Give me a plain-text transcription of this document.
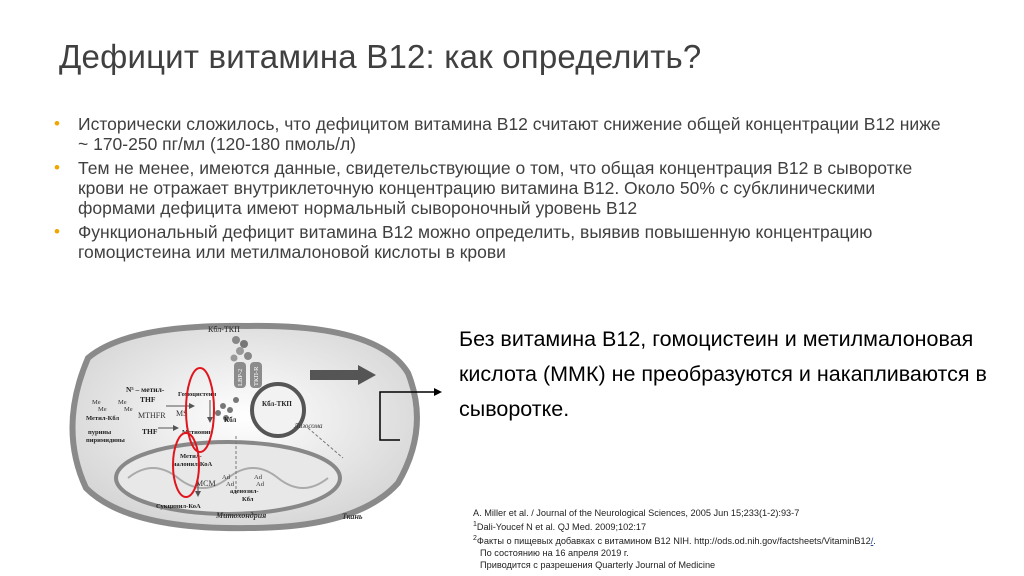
Дефицит витамина В12: как определить?
• Исторически сложилось, что дефицитом витамина В12 считают снижение общей концентрации В12 ниже ~ 170-250 пг/мл (120-180 пмоль/л)
• Тем не менее, имеются данные, свидетельствующие о том, что общая концентрация В12 в сыворотке крови не отражает внутриклеточную концентрацию витамина В12. Около 50% с субклиническими формами дефицита имеют нормальный сывороночный уровень В12
• Функциональный дефицит витамина В12 можно определить, выявив повышенную концентрацию гомоцистеина или метилмалоновой кислоты в крови
Кбл-ТКП
LBP-2 ТКП-R
N⁵ – метил-
THF
Me	Me
Me	Me
Метил-Кбл MTHFR
Гомоцистеин
MS
пурины
пиримидины
THF	Метионин
Кбл-ТКП
Кбл
Лизосома
Метил-
малонил-КоА
Ad	Ad
Ad	Ad
MCM
аденозил-
Кбл
Сукцинил-КоА
Митохондрия	Ткань
Без витамина В12, гомоцистеин и метилмалоновая кислота (ММК) не преобразуются и накапливаются в сыворотке.
A. Miller et al. / Journal of the Neurological Sciences, 2005 Jun 15;233(1-2):93-7
$^1$Dali-Youcef N et al. QJ Med. 2009;102:17
$^2$Факты о пищевых добавках с витамином B12 NIH. http://ods.od.nih.gov/factsheets/VitaminB12/.
По состоянию на 16 апреля 2019 г.
Приводится с разрешения Quarterly Journal of Medicine
